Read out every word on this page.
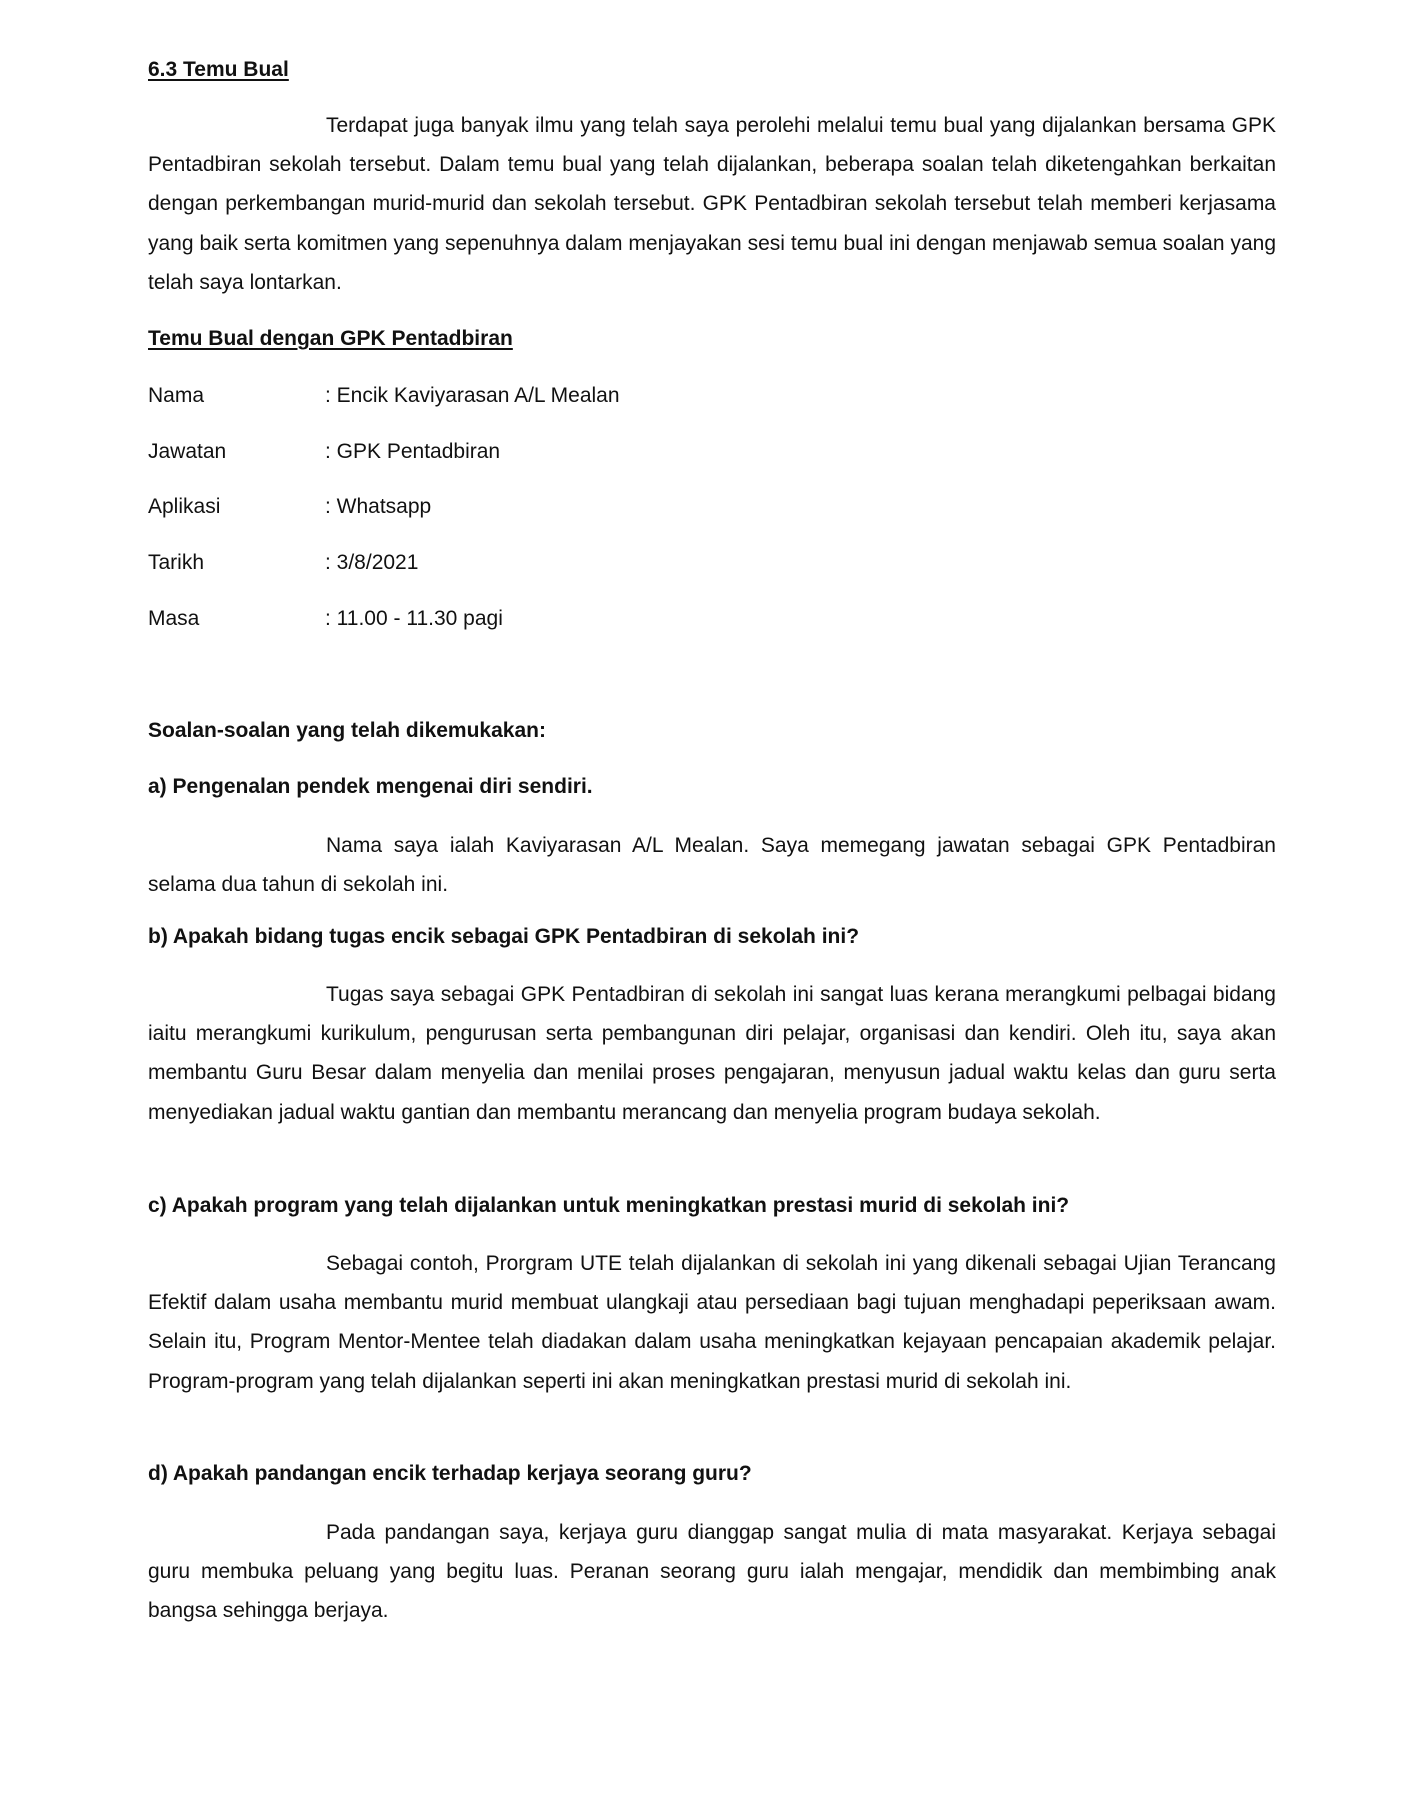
6.3 Temu Bual
Terdapat juga banyak ilmu yang telah saya perolehi melalui temu bual yang dijalankan bersama GPK Pentadbiran sekolah tersebut. Dalam temu bual yang telah dijalankan, beberapa soalan telah diketengahkan berkaitan dengan perkembangan murid-murid dan sekolah tersebut. GPK Pentadbiran sekolah tersebut telah memberi kerjasama yang baik serta komitmen yang sepenuhnya dalam menjayakan sesi temu bual ini dengan menjawab semua soalan yang telah saya lontarkan.
Temu Bual dengan GPK Pentadbiran
Nama	: Encik Kaviyarasan A/L Mealan
Jawatan	: GPK Pentadbiran
Aplikasi	: Whatsapp
Tarikh	: 3/8/2021
Masa	: 11.00 - 11.30 pagi
Soalan-soalan yang telah dikemukakan:
a) Pengenalan pendek mengenai diri sendiri.
Nama saya ialah Kaviyarasan A/L Mealan. Saya memegang jawatan sebagai GPK Pentadbiran selama dua tahun di sekolah ini.
b) Apakah bidang tugas encik sebagai GPK Pentadbiran di sekolah ini?
Tugas saya sebagai GPK Pentadbiran di sekolah ini sangat luas kerana merangkumi pelbagai bidang iaitu merangkumi kurikulum, pengurusan serta pembangunan diri pelajar, organisasi dan kendiri. Oleh itu, saya akan membantu Guru Besar dalam menyelia dan menilai proses pengajaran, menyusun jadual waktu kelas dan guru serta menyediakan jadual waktu gantian dan membantu merancang dan menyelia program budaya sekolah.
c) Apakah program yang telah dijalankan untuk meningkatkan prestasi murid di sekolah ini?
Sebagai contoh, Prorgram UTE telah dijalankan di sekolah ini yang dikenali sebagai Ujian Terancang Efektif dalam usaha membantu murid membuat ulangkaji atau persediaan bagi tujuan menghadapi peperiksaan awam. Selain itu, Program Mentor-Mentee telah diadakan dalam usaha meningkatkan kejayaan pencapaian akademik pelajar. Program-program yang telah dijalankan seperti ini akan meningkatkan prestasi murid di sekolah ini.
d) Apakah pandangan encik terhadap kerjaya seorang guru?
Pada pandangan saya, kerjaya guru dianggap sangat mulia di mata masyarakat. Kerjaya sebagai guru membuka peluang yang begitu luas. Peranan seorang guru ialah mengajar, mendidik dan membimbing anak bangsa sehingga berjaya.
